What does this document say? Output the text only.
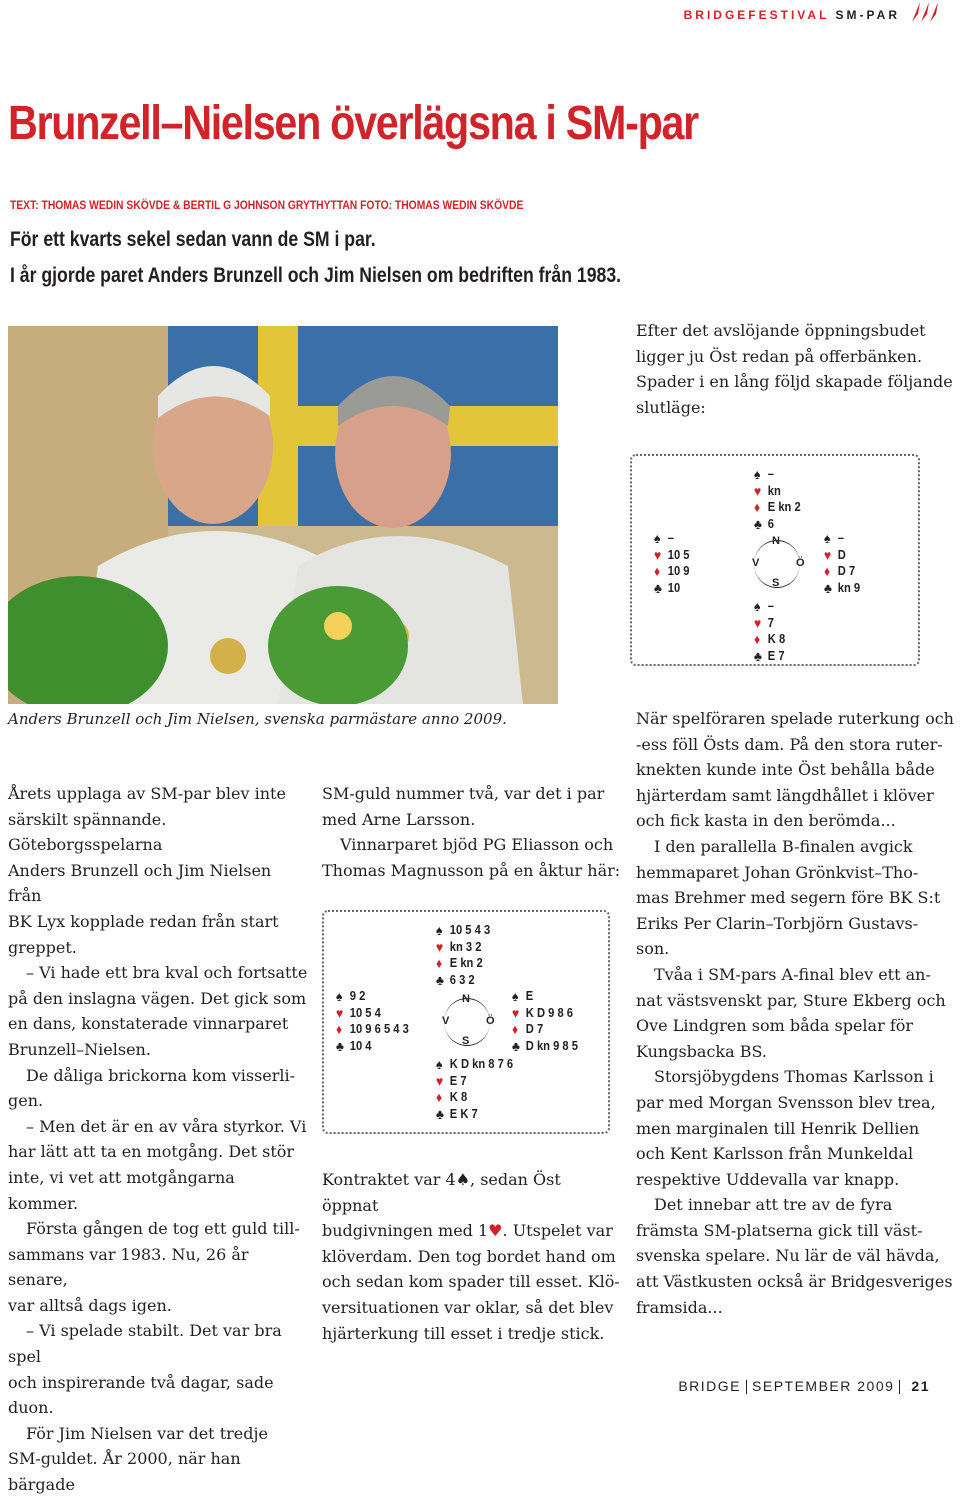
BRIDGEFESTIVAL SM-PAR
Brunzell–Nielsen överlägsna i SM-par
TEXT: THOMAS WEDIN SKÖVDE & BERTIL G JOHNSON GRYTHYTTAN FOTO: THOMAS WEDIN SKÖVDE
För ett kvarts sekel sedan vann de SM i par.
I år gjorde paret Anders Brunzell och Jim Nielsen om bedriften från 1983.
Anders Brunzell och Jim Nielsen, svenska parmästare anno 2009.

Efter det avslöjande öppningsbudet

ligger ju Öst redan på offerbänken.

Spader i en lång följd skapade följande

slutläge:

♠ –
♥ kn
♦ E kn 2
♣ 6
♠ –
♥ 10 5
♦ 10 9
♣ 10
N
V	Ö
S
♠ –
♥ D
♦ D 7
♣ kn 9
♠ –
♥ 7
♦ K 8
♣ E 7

Årets upplaga av SM-par blev inte

särskilt spännande. Göteborgsspelarna

Anders Brunzell och Jim Nielsen från

BK Lyx kopplade redan från start

greppet.

– Vi hade ett bra kval och fortsatte

på den inslagna vägen. Det gick som

en dans, konstaterade vinnarparet

Brunzell–Nielsen.

De dåliga brickorna kom visserli-

gen.

– Men det är en av våra styrkor. Vi

har lätt att ta en motgång. Det stör

inte, vi vet att motgångarna kommer.

Första gången de tog ett guld till-

sammans var 1983. Nu, 26 år senare,

var alltså dags igen.

– Vi spelade stabilt. Det var bra spel

och inspirerande två dagar, sade duon.

För Jim Nielsen var det tredje

SM-guldet. År 2000, när han bärgade

SM-guld nummer två, var det i par

med Arne Larsson.

Vinnarparet bjöd PG Eliasson och

Thomas Magnusson på en åktur här:

♠ 10 5 4 3
♥ kn 3 2
♦ E kn 2
♣ 6 3 2
♠ 9 2
♥ 10 5 4
♦ 10 9 6 5 4 3
♣ 10 4
N
V	Ö
S
♠ E
♥ K D 9 8 6
♦ D 7
♣ D kn 9 8 5
♠ K D kn 8 7 6
♥ E 7
♦ K 8
♣ E K 7

Kontraktet var 4♠, sedan Öst öppnat

budgivningen med 1♥. Utspelet var

klöverdam. Den tog bordet hand om

och sedan kom spader till esset. Klö-

versituationen var oklar, så det blev

hjärterkung till esset i tredje stick.

När spelföraren spelade ruterkung och

-ess föll Östs dam. På den stora ruter-

knekten kunde inte Öst behålla både

hjärterdam samt längdhållet i klöver

och fick kasta in den berömda...

I den parallella B-finalen avgick

hemmaparet Johan Grönkvist–Tho-

mas Brehmer med segern före BK S:t

Eriks Per Clarin–Torbjörn Gustavs-

son.

Tvåa i SM-pars A-final blev ett an-

nat västsvenskt par, Sture Ekberg och

Ove Lindgren som båda spelar för

Kungsbacka BS.

Storsjöbygdens Thomas Karlsson i

par med Morgan Svensson blev trea,

men marginalen till Henrik Dellien

och Kent Karlsson från Munkeldal

respektive Uddevalla var knapp.

Det innebar att tre av de fyra

främsta SM-platserna gick till väst-

svenska spelare. Nu lär de väl hävda,

att Västkusten också är Bridgesveriges

framsida...

BRIDGE SEPTEMBER 2009 21
